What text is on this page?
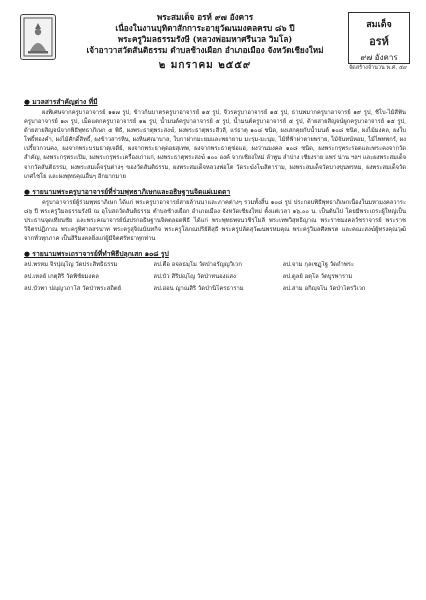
พระสมเด็จ อรห์ ๙๗ อังคาร
เนื่องในงานบุทิตาสักการะอายุวัฒนมงคลครบ ๘๖ ปี
พระครูวิมลธรรมรังษี (หลวงพ่อมหาศรีนวล วิมโล)
เจ้าอาวาสวัดสันติธรรม ตำบลช้างเผือก อำเภอเมือง จังหวัดเชียงใหม่
๒ มกราคม ๒๕๕๙
สมเด็จ
อรห์
๙๗ อังคาร
จัดสร้างจำนวน พ.ศ. ๕๙
● มวลสารสำคัญต่าง ที่มี
ผงพิเศษจากครูบาอาจารย์ ๑๑๗ รูป, ข้าวก้นบาตรครูบาอาจารย์ ๑๕ รูป, จีวรครูบาอาจารย์ ๑๕ รูป, ธานพมากครูบาอาจารย์ ๑๙ รูป, ชีโบ-ไม้สีฟันครูบาอาจารย์ ๑๓ รูป, เม็ดแตกครูบาอาจารย์ ๑๒ รูป, น้ำมนต์ครูบาอาจารย์ ๕ รูป, น้ำมนต์ครูบาอาจารย์ ๕ รูป, ด้ายสายสิญจน์ผูกครูบาอาจารย์ ๑๕ รูป, ด้ายสายสิญจน์จากพิธีพุทธาภิเษก ๕ พิธี, ผงพระธาตุพระสงฆ์, ผงพระธาตุพระสีวลี, แร่ธาตุ ๑๐๘ ชนิด, ผงเสกคุยกับน้ำมนต์ ๑๐๘ ชนิด, ผงไม้มงคล, ผงใบโพธิ์ทองคำ, ผงไม้ศักดิ์สิทธิ์, ผงข้าวสารหิน, ผงหินศณาบาล, ใบกาฝากมะยมและพยายาม มะรุม-มะนุม, ไม้ที่ฟ้าผ่าตายพราย, ไม้จันทน์หอม, ไม้ไพทพกร์, ผงเปรี้ยวกวนคง, ผงจากพระบรมธาตุเจดีย์, ผงจากพระธาตุดอยสุเทพ, ผงจากพระธาตุช่อแฮ, ผงว่านมงคล ๑๐๘ ชนิด, ผงพระกรุพระรอดและพระคงจากวัดสำคัญ, ผงพระกรุพระเปิม, ผงพระกรุพระเครื่องเก่าแก่, ผงพระธาตุพระสงฆ์ ๑๐๐ องค์ จากเชียงใหม่ ลำพูน ลำปาง เชียงราย แพร่ น่าน ฯลฯ และผงพระสมเด็จจากวัดสันติธรรม, ผงพระสมเด็จรุ่นต่างๆ ของวัดสันติธรรม, ผงพระสมเด็จหลวงพ่อโต วัดระฆังโฆสิตาราม, ผงพระสมเด็จวัดบางขุนพรหม, ผงพระสมเด็จวัดเกศไชโย และผงพุทธคุณอื่นๆ อีกมากมาย
● รายนามพระครูบาอาจารย์ที่ร่วมพุทธาภิเษกและอธิษฐานจิตแผ่เมตตา
ครูบาอาจารย์ผู้ร่วมพุทธาภิเษก ได้แก่ พระครูบาอาจารย์สายล้านนาและภาคต่างๆ รวมทั้งสิ้น ๑๐๘ รูป ประกอบพิธีพุทธาภิเษกเนื่องในมหามงคลวาระ ๘๖ ปี พระครูวิมลธรรมรังษี ณ อุโบสถวัดสันติธรรม ตำบลช้างเผือก อำเภอเมือง จังหวัดเชียงใหม่ ตั้งแต่เวลา ๑๖.๐๐ น. เป็นต้นไป โดยมีพระเถระผู้ใหญ่เป็นประธานจุดเทียนชัย และพระคณาจารย์นั่งปรกอธิษฐานจิตตลอดพิธี ได้แก่ พระพุทธพจนวชิรโมลี พระเทพวิสุทธิญาณ พระราชมงคลวัชราจารย์ พระราชวิจิตรปฏิภาณ พระครูพิศาลสรนาท พระครูสุจิณนันทกิจ พระครูโสภณปริยัติสุธี พระครูปลัดสุวัฒนพรหมคุณ พระครูวิมลศีลพรต และคณะสงฆ์ผู้ทรงคุณวุฒิจากทั่วทุกภาค เป็นสิริมงคลยิ่งแก่ผู้มีจิตศรัทธาทุกท่าน
● รายนามพระเถราจารย์ที่ทำพิธีปลุกเสก ๑๐๘ รูป
ลป.พรหม จิรปุญฺโญ วัดประสิทธิธรรม	ลป.ตื๋อ อจลธมฺโม วัดป่าอรัญญวิเวก	ลป.จาม กุลเชฏฺโฐ วัดถ้ำพระ
ลป.เหลย์ เกตุสิริ วัดพิชัยมงคล	ลป.บัว สิริปญฺโญ วัดป่าหนองแสง	ลป.ดูลย์ อตุโล วัดบูรพาราม
ลป.บัวพา ปญฺญาภาโส วัดป่าพระสถิตย์	ลป.อ่อน ญาณสิริ วัดป่านิโครธาราม	ลป.สาม อกิญฺจโน วัดป่าไตรวิเวก
